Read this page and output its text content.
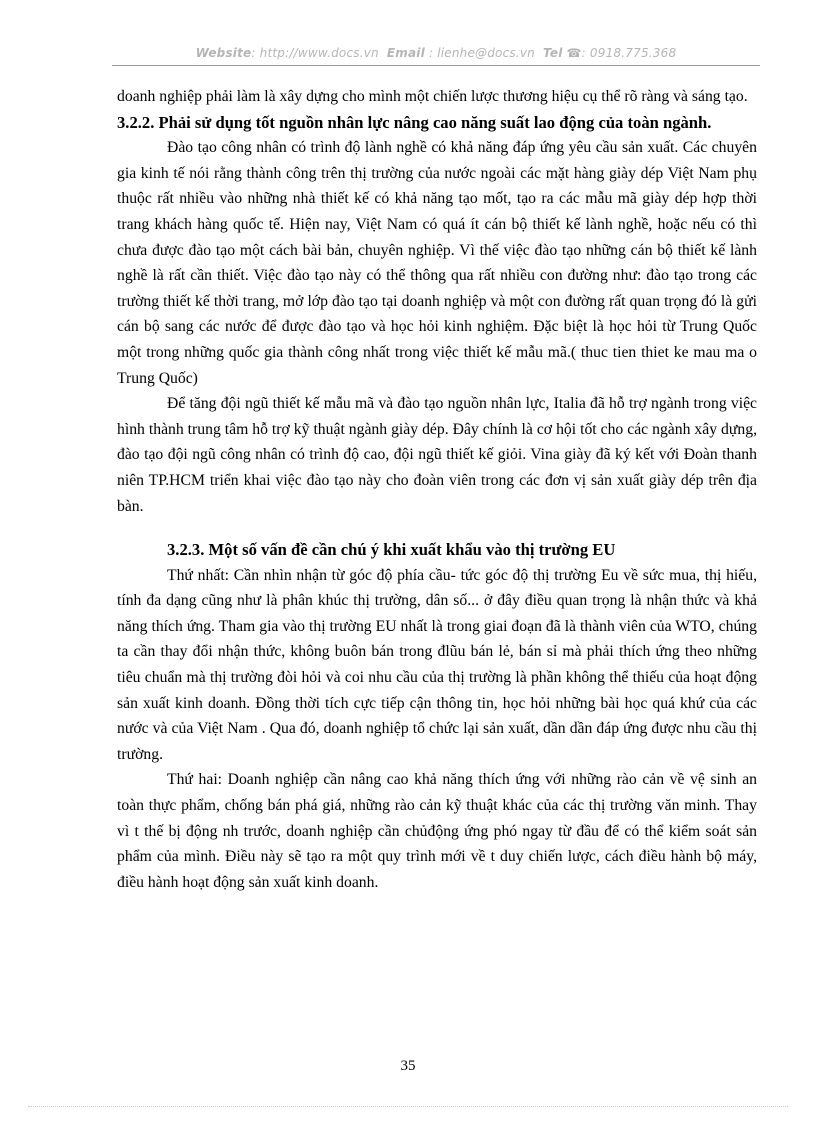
Website: http://www.docs.vn Email : lienhe@docs.vn Tel ☎: 0918.775.368

doanh nghiệp phải làm là xây dựng cho mình một chiến lược thương hiệu cụ thể rõ ràng và sáng tạo.

3.2.2. Phải sử dụng tốt nguồn nhân lực nâng cao năng suất lao động của toàn ngành.

Đào tạo công nhân có trình độ lành nghề có khả năng đáp ứng yêu cầu sản xuất. Các chuyên gia kinh tế nói rằng thành công trên thị trường của nước ngoài các mặt hàng giày dép Việt Nam phụ thuộc rất nhiều vào những nhà thiết kế có khả năng tạo mốt, tạo ra các mẫu mã giày dép hợp thời trang khách hàng quốc tế. Hiện nay, Việt Nam có quá ít cán bộ thiết kế lành nghề, hoặc nếu có thì chưa được đào tạo một cách bài bản, chuyên nghiệp. Vì thế việc đào tạo những cán bộ thiết kế lành nghề là rất cần thiết. Việc đào tạo này có thể thông qua rất nhiều con đường như: đào tạo trong các trường thiết kế thời trang, mở lớp đào tạo tại doanh nghiệp và một con đường rất quan trọng đó là gửi cán bộ sang các nước để được đào tạo và học hỏi kinh nghiệm. Đặc biệt là học hỏi từ Trung Quốc một trong những quốc gia thành công nhất trong việc thiết kế mẫu mã.( thuc tien thiet ke mau ma o Trung Quốc)

Để tăng đội ngũ thiết kế mẫu mã và đào tạo nguồn nhân lực, Italia đã hỗ trợ ngành trong việc hình thành trung tâm hỗ trợ kỹ thuật ngành giày dép. Đây chính là cơ hội tốt cho các ngành xây dựng, đào tạo đội ngũ công nhân có trình độ cao, đội ngũ thiết kế giỏi. Vina giày đã ký kết với Đoàn thanh niên TP.HCM triển khai việc đào tạo này cho đoàn viên trong các đơn vị sản xuất giày dép trên địa bàn.

3.2.3. Một số vấn đề cần chú ý khi xuất khẩu vào thị trường EU

Thứ nhất: Cần nhìn nhận từ góc độ phía cầu- tức góc độ thị trường Eu về sức mua, thị hiếu, tính đa dạng cũng như là phân khúc thị trường, dân số... ở đây điều quan trọng là nhận thức và khả năng thích ứng. Tham gia vào thị trường EU nhất là trong giai đoạn đã là thành viên của WTO, chúng ta cần thay đổi nhận thức, không buôn bán trong đlũu bán lẻ, bán sỉ mà phải thích ứng theo những tiêu chuẩn mà thị trường đòi hỏi và coi nhu cầu của thị trường là phần không thể thiếu của hoạt động sản xuất kinh doanh. Đồng thời tích cực tiếp cận thông tin, học hỏi những bài học quá khứ của các nước và của Việt Nam . Qua đó, doanh nghiệp tổ chức lại sản xuất, dần dần đáp ứng được nhu cầu thị trường.

Thứ hai: Doanh nghiệp cần nâng cao khả năng thích ứng với những rào cản về vệ sinh an toàn thực phẩm, chống bán phá giá, những rào cản kỹ thuật khác của các thị trường văn minh. Thay vì t thế bị động nh trước, doanh nghiệp cần chủđộng ứng phó ngay từ đầu để có thể kiểm soát sản phẩm của mình. Điều này sẽ tạo ra một quy trình mới về t duy chiến lược, cách điều hành bộ máy, điều hành hoạt động sản xuất kinh doanh.

35
